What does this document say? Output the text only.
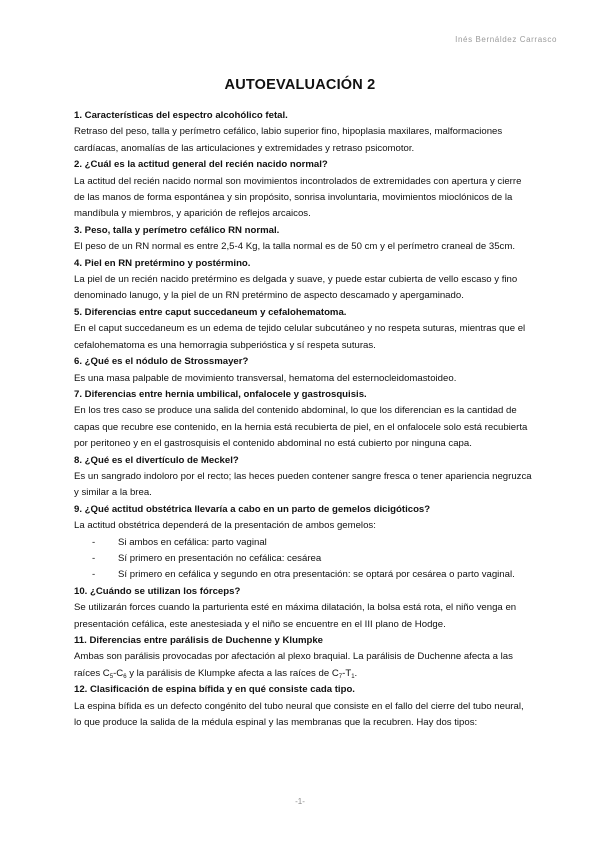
Inés Bernáldez Carrasco
AUTOEVALUACIÓN 2

1. Características del espectro alcohólico fetal.

Retraso del peso, talla y perímetro cefálico, labio superior fino, hipoplasia maxilares, malformaciones cardíacas, anomalías de las articulaciones y extremidades y retraso psicomotor.

2. ¿Cuál es la actitud general del recién nacido normal?

La actitud del recién nacido normal son movimientos incontrolados de extremidades con apertura y cierre de las manos de forma espontánea y sin propósito, sonrisa involuntaria, movimientos mioclónicos de la mandíbula y miembros, y aparición de reflejos arcaicos.

3. Peso, talla y perímetro cefálico RN normal.

El peso de un RN normal es entre 2,5-4 Kg, la talla normal es de 50 cm y el perímetro craneal de 35cm.

4. Piel en RN pretérmino y postérmino.

La piel de un recién nacido pretérmino es delgada y suave, y puede estar cubierta de vello escaso y fino denominado lanugo, y la piel de un RN pretérmino de aspecto descamado y apergaminado.

5. Diferencias entre caput succedaneum y cefalohematoma.

En el caput succedaneum es un edema de tejido celular subcutáneo y no respeta suturas, mientras que el cefalohematoma es una hemorragia subperióstica y sí respeta suturas.

6. ¿Qué es el nódulo de Strossmayer?

Es una masa palpable de movimiento transversal, hematoma del esternocleidomastoideo.

7. Diferencias entre hernia umbilical, onfalocele y gastrosquisis.

En los tres caso se produce una salida del contenido abdominal, lo que los diferencian es la cantidad de capas que recubre ese contenido, en la hernia está recubierta de piel, en el onfalocele solo está recubierta por peritoneo y en el gastrosquisis el contenido abdominal no está cubierto por ninguna capa.

8. ¿Qué es el divertículo de Meckel?

Es un sangrado indoloro por el recto; las heces pueden contener sangre fresca o tener apariencia negruzca y similar a la brea.

9. ¿Qué actitud obstétrica llevaría a cabo en un parto de gemelos dicigóticos?

La actitud obstétrica dependerá de la presentación de ambos gemelos:

- Si ambos en cefálica: parto vaginal
- Sí primero en presentación no cefálica: cesárea
- Sí primero en cefálica y segundo en otra presentación: se optará por cesárea o parto vaginal.

10. ¿Cuándo se utilizan los fórceps?

Se utilizarán forces cuando la parturienta esté en máxima dilatación, la bolsa está rota, el niño venga en presentación cefálica, este anestesiada y el niño se encuentre en el III plano de Hodge.

11. Diferencias entre parálisis de Duchenne y Klumpke

Ambas son parálisis provocadas por afectación al plexo braquial. La parálisis de Duchenne afecta a las raíces $C_5-C_6$ y la parálisis de Klumpke afecta a las raíces de $C_7-T_1$.

12. Clasificación de espina bífida y en qué consiste cada tipo.

La espina bífida es un defecto congénito del tubo neural que consiste en el fallo del cierre del tubo neural, lo que produce la salida de la médula espinal y las membranas que la recubren. Hay dos tipos:

-1-
